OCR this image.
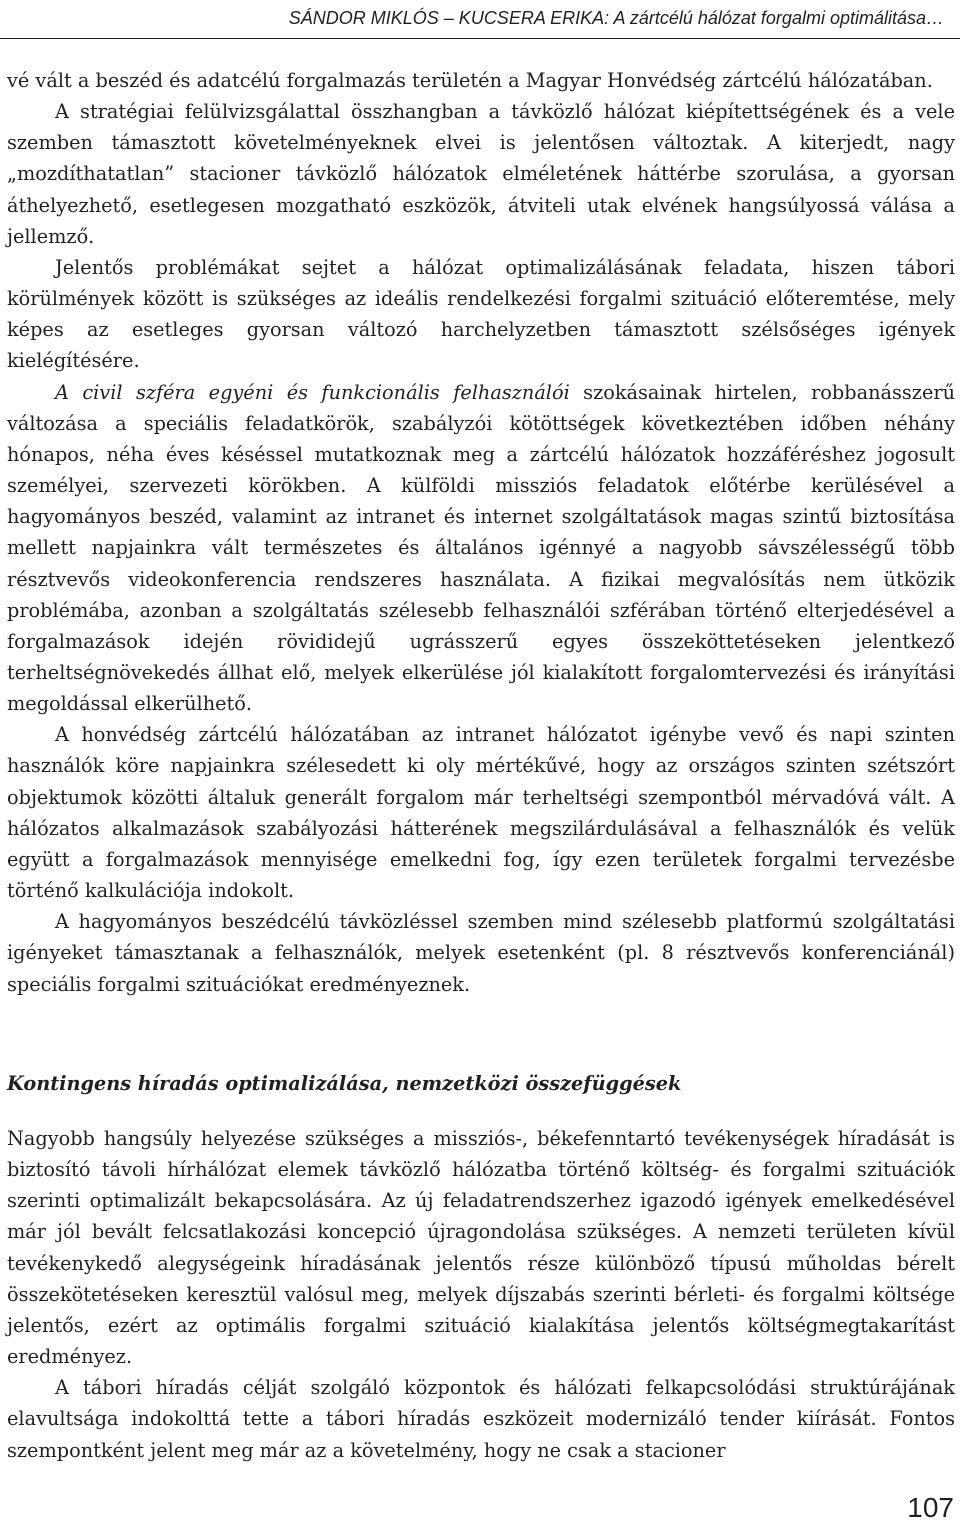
SÁNDOR MIKLÓS – KUCSERA ERIKA: A zártcélú hálózat forgalmi optimálitása…

vé vált a beszéd és adatcélú forgalmazás területén a Magyar Honvédség zártcélú hálózatában.

A stratégiai felülvizsgálattal összhangban a távközlő hálózat kiépítettségének és a vele szemben támasztott követelményeknek elvei is jelentősen változtak. A kiterjedt, nagy „mozdíthatatlan” stacioner távközlő hálózatok elméletének háttérbe szorulása, a gyorsan áthelyezhető, esetlegesen mozgatható eszközök, átviteli utak elvének hangsúlyossá válása a jellemző.

Jelentős problémákat sejtet a hálózat optimalizálásának feladata, hiszen tábori körülmények között is szükséges az ideális rendelkezési forgalmi szituáció előteremtése, mely képes az esetleges gyorsan változó harchelyzetben támasztott szélsőséges igények kielégítésére.

A civil szféra egyéni és funkcionális felhasználói szokásainak hirtelen, robbanásszerű változása a speciális feladatkörök, szabályzói kötöttségek következtében időben néhány hónapos, néha éves késéssel mutatkoznak meg a zártcélú hálózatok hozzáféréshez jogosult személyei, szervezeti körökben. A külföldi missziós feladatok előtérbe kerülésével a hagyományos beszéd, valamint az intranet és internet szolgáltatások magas szintű biztosítása mellett napjainkra vált természetes és általános igénnyé a nagyobb sávszélességű több résztvevős videokonferencia rendszeres használata. A fizikai megvalósítás nem ütközik problémába, azonban a szolgáltatás szélesebb felhasználói szférában történő elterjedésével a forgalmazások idején rövididejű ugrásszerű egyes összeköttetéseken jelentkező terheltségnövekedés állhat elő, melyek elkerülése jól kialakított forgalomtervezési és irányítási megoldással elkerülhető.

A honvédség zártcélú hálózatában az intranet hálózatot igénybe vevő és napi szinten használók köre napjainkra szélesedett ki oly mértékűvé, hogy az országos szinten szétszórt objektumok közötti általuk generált forgalom már terheltségi szempontból mérvadóvá vált. A hálózatos alkalmazások szabályozási hátterének megszilárdulásával a felhasználók és velük együtt a forgalmazások mennyisége emelkedni fog, így ezen területek forgalmi tervezésbe történő kalkulációja indokolt.

A hagyományos beszédcélú távközléssel szemben mind szélesebb platformú szolgáltatási igényeket támasztanak a felhasználók, melyek esetenként (pl. 8 résztvevős konferenciánál) speciális forgalmi szituációkat eredményeznek.

Kontingens híradás optimalizálása, nemzetközi összefüggések

Nagyobb hangsúly helyezése szükséges a missziós-, békefenntartó tevékenységek híradását is biztosító távoli hírhálózat elemek távközlő hálózatba történő költség- és forgalmi szituációk szerinti optimalizált bekapcsolására. Az új feladatrendszerhez igazodó igények emelkedésével már jól bevált felcsatlakozási koncepció újragondolása szükséges. A nemzeti területen kívül tevékenykedő alegységeink híradásának jelentős része különböző típusú műholdas bérelt összekötetéseken keresztül valósul meg, melyek díjszabás szerinti bérleti- és forgalmi költsége jelentős, ezért az optimális forgalmi szituáció kialakítása jelentős költségmegtakarítást eredményez.

A tábori híradás célját szolgáló központok és hálózati felkapcsolódási struktúrájának elavultsága indokolttá tette a tábori híradás eszközeit modernizáló tender kiírását. Fontos szempontként jelent meg már az a követelmény, hogy ne csak a stacioner

107
